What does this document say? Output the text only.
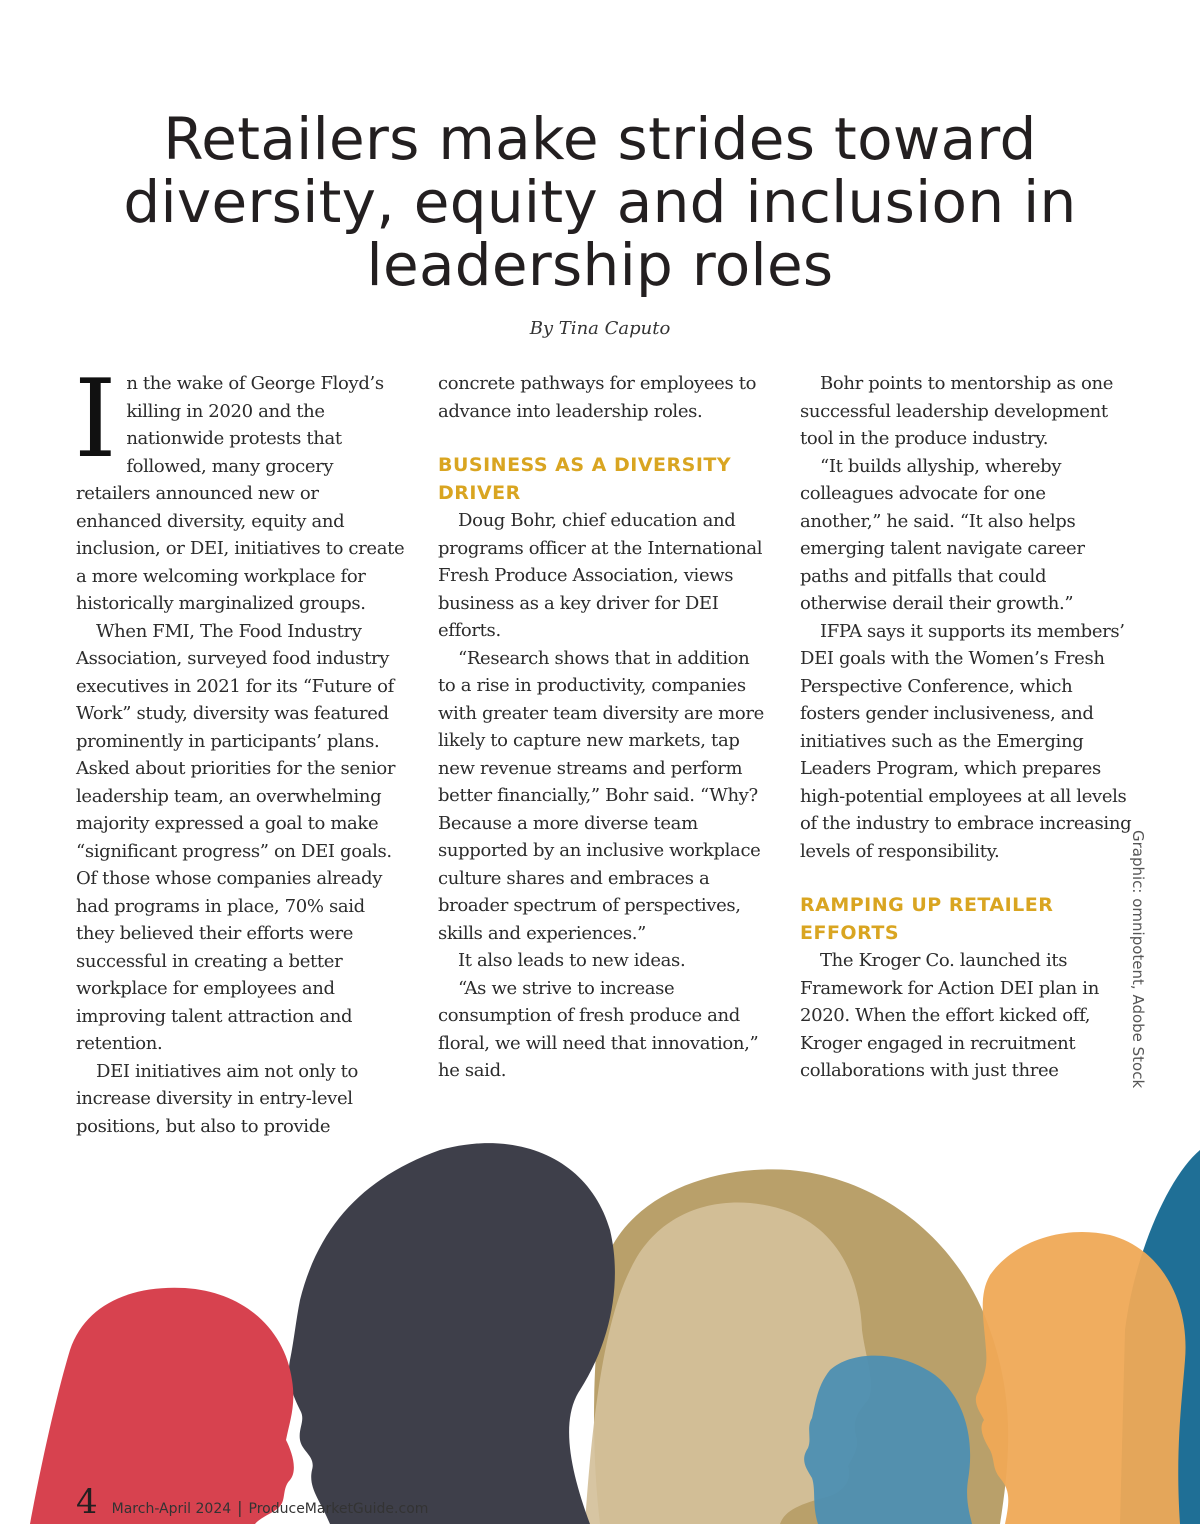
Retailers make strides toward diversity, equity and inclusion in leadership roles
By Tina Caputo

In the wake of George Floyd’s killing in 2020 and the nationwide protests that followed, many grocery retailers announced new or enhanced diversity, equity and inclusion, or DEI, initiatives to create a more welcoming workplace for historically marginalized groups.

When FMI, The Food Industry Association, surveyed food industry executives in 2021 for its “Future of Work” study, diversity was featured prominently in participants’ plans. Asked about priorities for the senior leadership team, an overwhelming majority expressed a goal to make “significant progress” on DEI goals. Of those whose companies already had programs in place, 70% said they believed their efforts were successful in creating a better workplace for employees and improving talent attraction and retention.

DEI initiatives aim not only to increase diversity in entry-level positions, but also to provide

concrete pathways for employees to advance into leadership roles.

BUSINESS AS A DIVERSITY DRIVER

Doug Bohr, chief education and programs officer at the International Fresh Produce Association, views business as a key driver for DEI efforts.

“Research shows that in addition to a rise in productivity, companies with greater team diversity are more likely to capture new markets, tap new revenue streams and perform better financially,” Bohr said. “Why? Because a more diverse team supported by an inclusive workplace culture shares and embraces a broader spectrum of perspectives, skills and experiences.”

It also leads to new ideas.

“As we strive to increase consumption of fresh produce and floral, we will need that innovation,” he said.

Bohr points to mentorship as one successful leadership development tool in the produce industry.

“It builds allyship, whereby colleagues advocate for one another,” he said. “It also helps emerging talent navigate career paths and pitfalls that could otherwise derail their growth.”

IFPA says it supports its members’ DEI goals with the Women’s Fresh Perspective Conference, which fosters gender inclusiveness, and initiatives such as the Emerging Leaders Program, which prepares high-potential employees at all levels of the industry to embrace increasing levels of responsibility.

RAMPING UP RETAILER EFFORTS

The Kroger Co. launched its Framework for Action DEI plan in 2020. When the effort kicked off, Kroger engaged in recruitment collaborations with just three	Graphic: omnipotent, Adobe Stock
4 March-April 2024 | ProduceMarketGuide.com
